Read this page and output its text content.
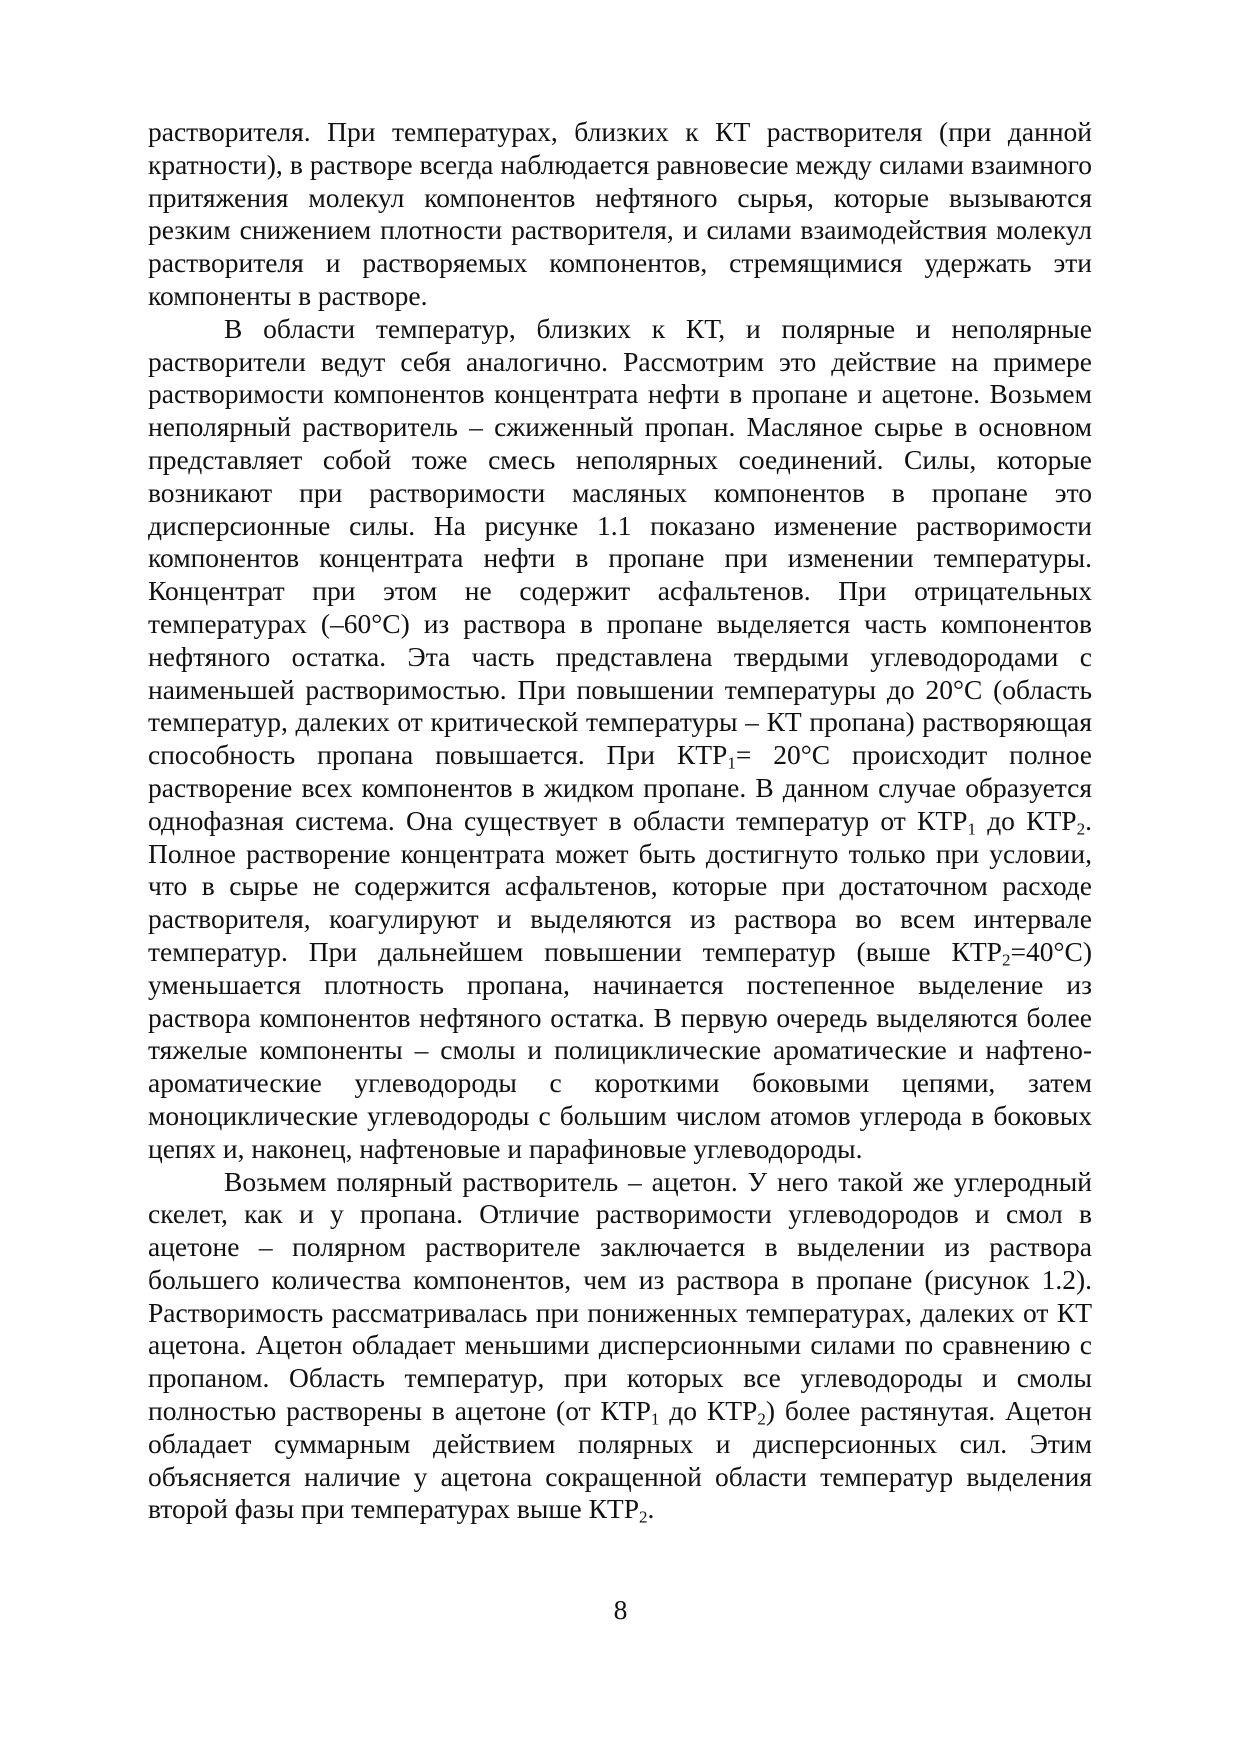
растворителя. При температурах, близких к КТ растворителя (при данной кратности), в растворе всегда наблюдается равновесие между силами взаимного притяжения молекул компонентов нефтяного сырья, которые вызываются резким снижением плотности растворителя, и силами взаимодействия молекул растворителя и растворяемых компонентов, стремящимися удержать эти компоненты в растворе.

В области температур, близких к КТ, и полярные и неполярные растворители ведут себя аналогично. Рассмотрим это действие на примере растворимости компонентов концентрата нефти в пропане и ацетоне. Возьмем неполярный растворитель – сжиженный пропан. Масляное сырье в основном представляет собой тоже смесь неполярных соединений. Силы, которые возникают при растворимости масляных компонентов в пропане это дисперсионные силы. На рисунке 1.1 показано изменение растворимости компонентов концентрата нефти в пропане при изменении температуры. Концентрат при этом не содержит асфальтенов. При отрицательных температурах (–60°C) из раствора в пропане выделяется часть компонентов нефтяного остатка. Эта часть представлена твердыми углеводородами с наименьшей растворимостью. При повышении температуры до 20°C (область температур, далеких от критической температуры – КТ пропана) растворяющая способность пропана повышается. При $КТР_1= 20^\circ C$ происходит полное растворение всех компонентов в жидком пропане. В данном случае образуется однофазная система. Она существует в области температур от $КТР_1$ до $КТР_2$. Полное растворение концентрата может быть достигнуто только при условии, что в сырье не содержится асфальтенов, которые при достаточном расходе растворителя, коагулируют и выделяются из раствора во всем интервале температур. При дальнейшем повышении температур (выше $КТР_2=40^\circ C$) уменьшается плотность пропана, начинается постепенное выделение из раствора компонентов нефтяного остатка. В первую очередь выделяются более тяжелые компоненты – смолы и полициклические ароматические и нафтено-ароматические углеводороды с короткими боковыми цепями, затем моноциклические углеводороды с большим числом атомов углерода в боковых цепях и, наконец, нафтеновые и парафиновые углеводороды.

Возьмем полярный растворитель – ацетон. У него такой же углеродный скелет, как и у пропана. Отличие растворимости углеводородов и смол в ацетоне – полярном растворителе заключается в выделении из раствора большего количества компонентов, чем из раствора в пропане (рисунок 1.2). Растворимость рассматривалась при пониженных температурах, далеких от КТ ацетона. Ацетон обладает меньшими дисперсионными силами по сравнению с пропаном. Область температур, при которых все углеводороды и смолы полностью растворены в ацетоне (от $КТР_1$ до $КТР_2$) более растянутая. Ацетон обладает суммарным действием полярных и дисперсионных сил. Этим объясняется наличие у ацетона сокращенной области температур выделения второй фазы при температурах выше $КТР_2$.

8
